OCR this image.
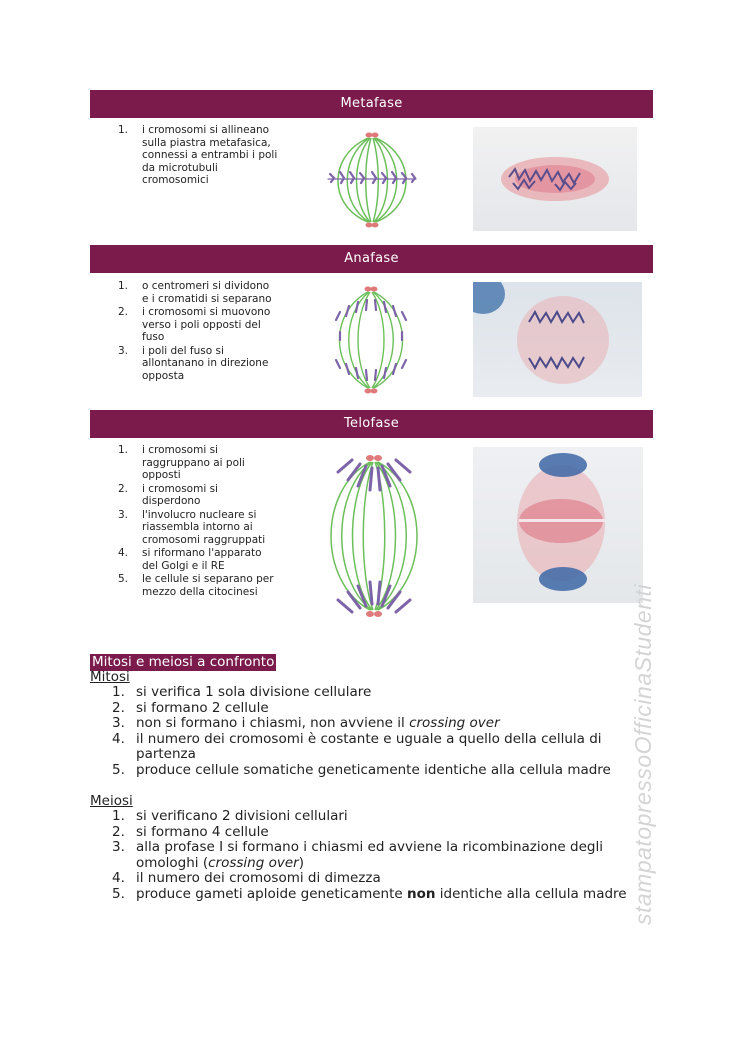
Metafase
1. i cromosomi si allineano sulla piastra metafasica, connessi a entrambi i poli da microtubuli cromosomici
Anafase
1. o centromeri si dividono e i cromatidi si separano
2. i cromosomi si muovono verso i poli opposti del fuso
3. i poli del fuso si allontanano in direzione opposta
Telofase
1. i cromosomi si raggruppano ai poli opposti
2. i cromosomi si disperdono
3. l'involucro nucleare si riassembla intorno ai cromosomi raggruppati
4. si riformano l'apparato del Golgi e il RE
5. le cellule si separano per mezzo della citocinesi
Mitosi e meiosi a confronto
Mitosi
1. si verifica 1 sola divisione cellulare
2. si formano 2 cellule
3. non si formano i chiasmi, non avviene il crossing over
4. il numero dei cromosomi è costante e uguale a quello della cellula di partenza
5. produce cellule somatiche geneticamente identiche alla cellula madre
Meiosi
1. si verificano 2 divisioni cellulari
2. si formano 4 cellule
3. alla profase I si formano i chiasmi ed avviene la ricombinazione degli omologhi (crossing over)
4. il numero dei cromosomi di dimezza
5. produce gameti aploide geneticamente non identiche alla cellula madre stampatopressoOfficinaStudenti
